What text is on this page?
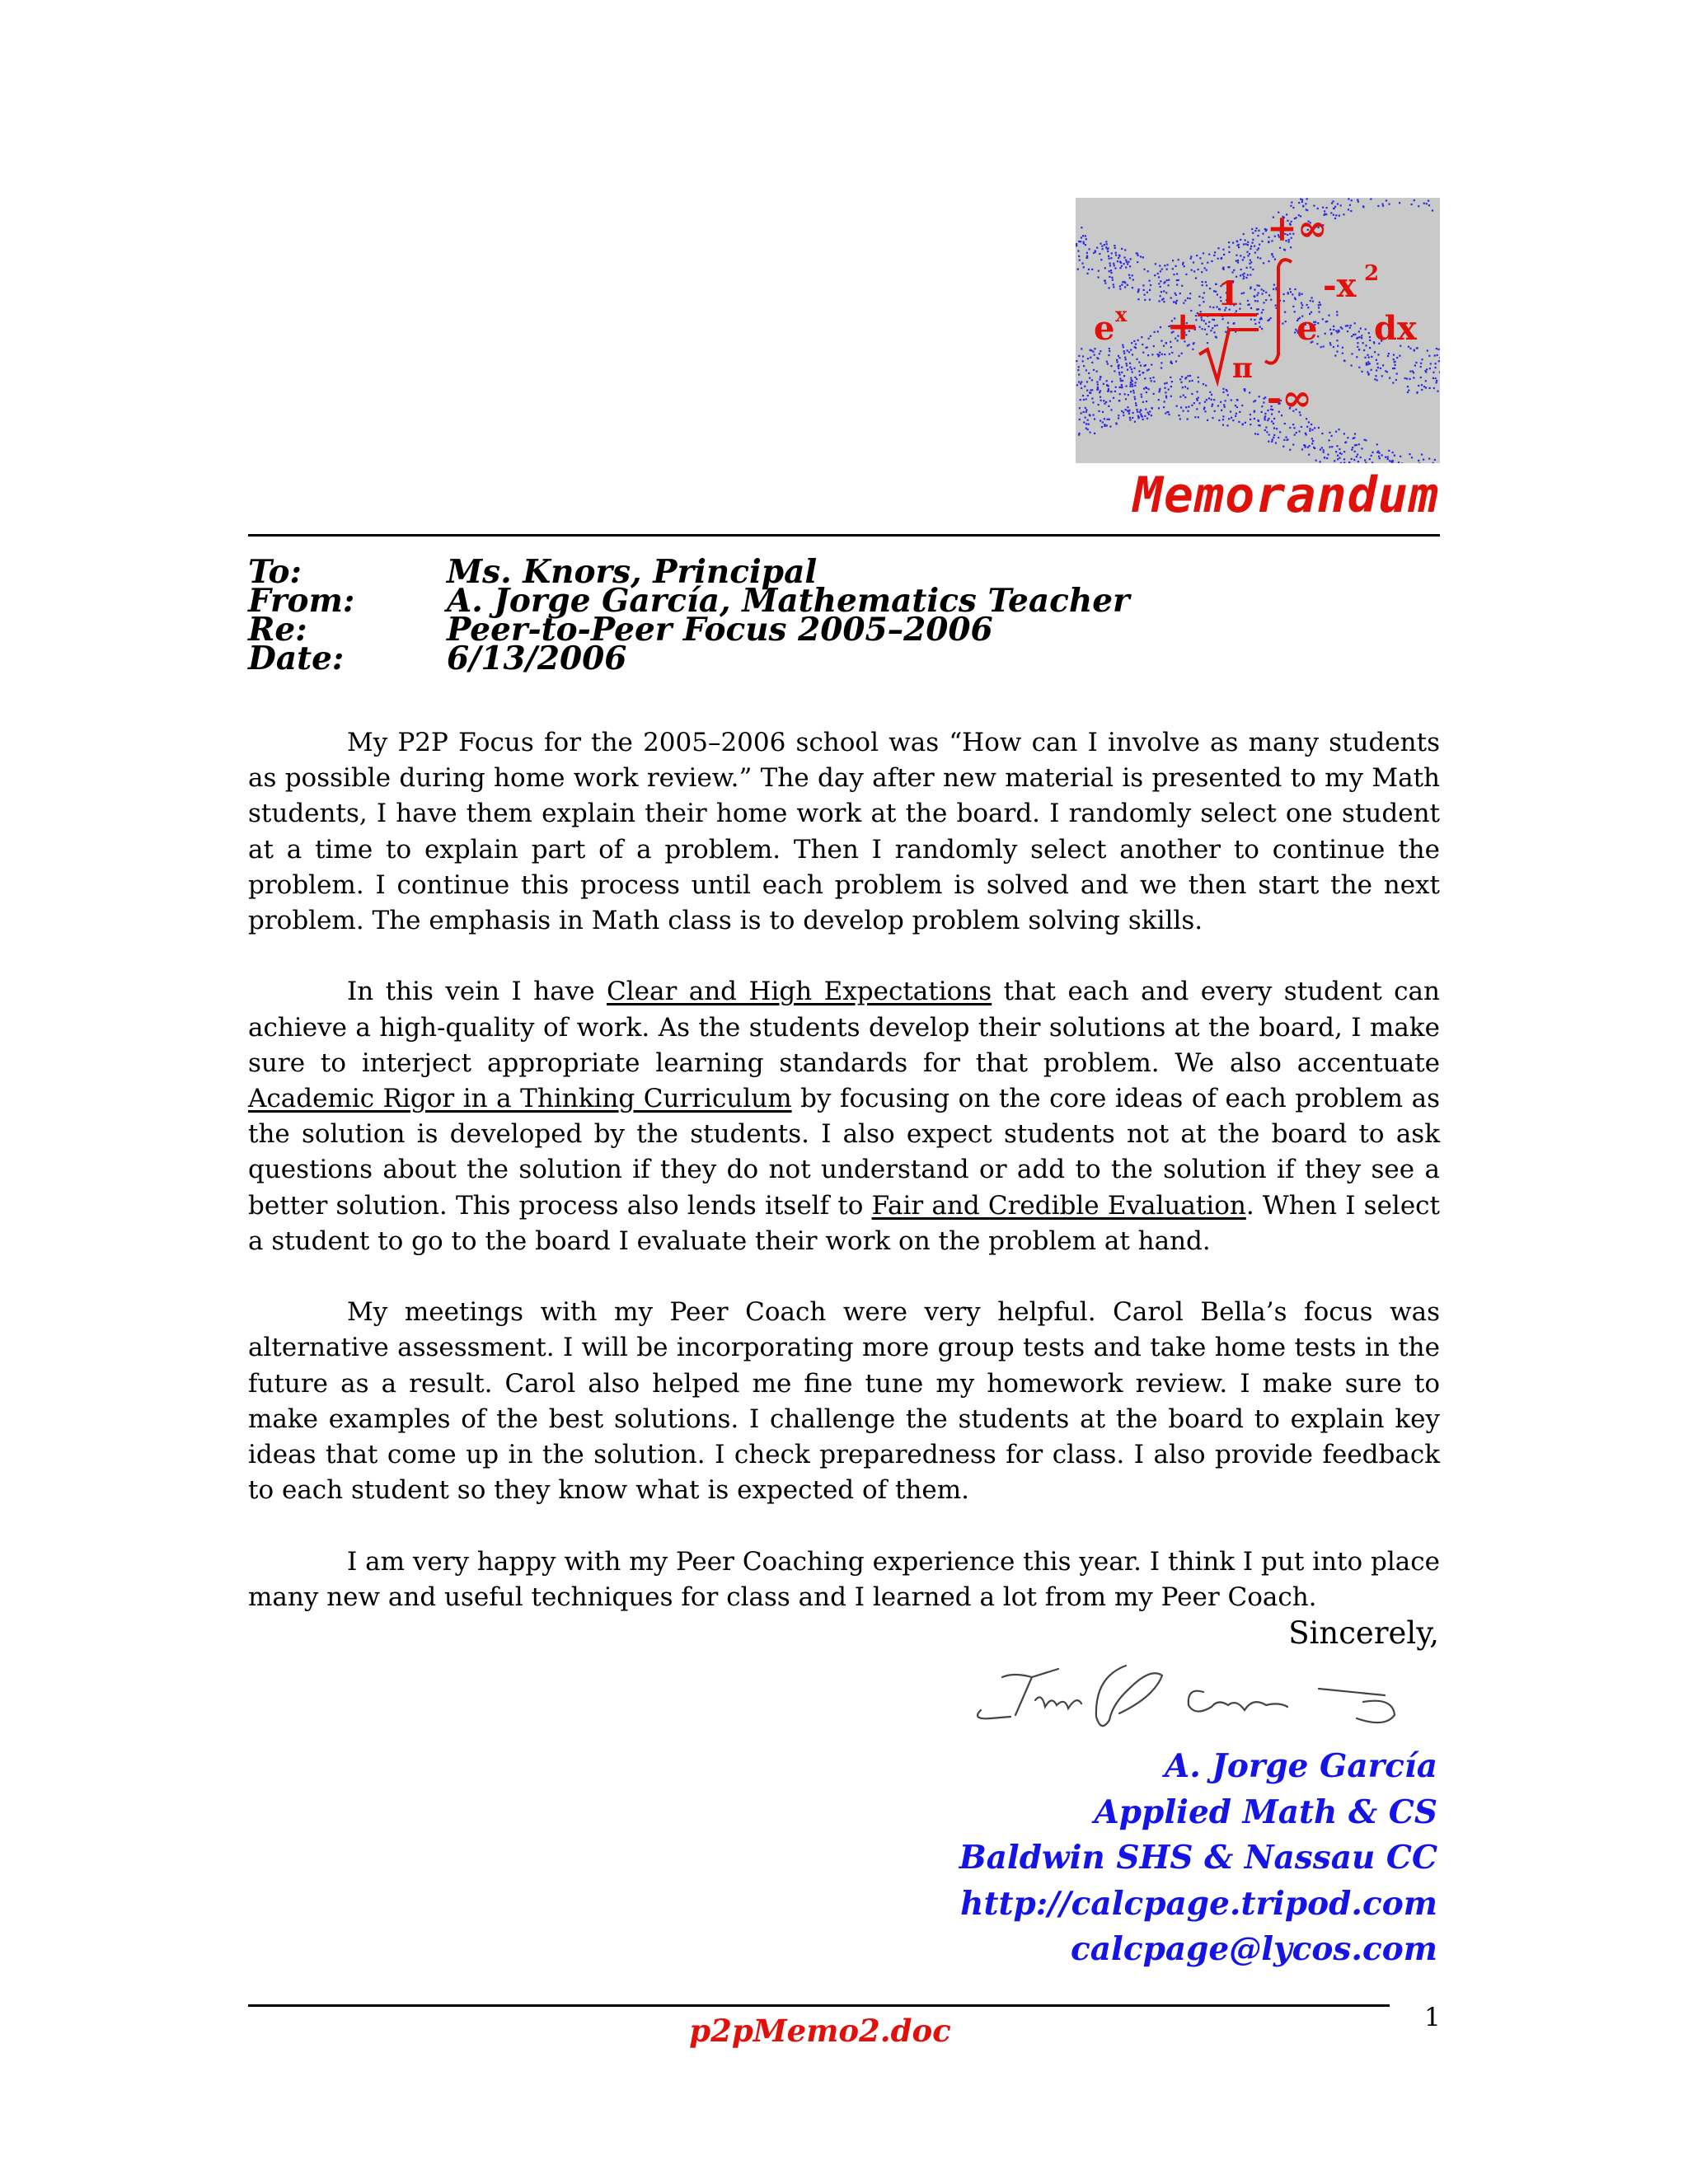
+∞
1	-x 2
e dx
-∞
e x +
π
Memorandum
To:	Ms. Knors, Principal
From:	A. Jorge García, Mathematics Teacher
Re:	Peer-to-Peer Focus 2005–2006
Date:	6/13/2006

My P2P Focus for the 2005–2006 school was “How can I involve as many students as possible during home work review.” The day after new material is presented to my Math students, I have them explain their home work at the board. I randomly select one student at a time to explain part of a problem. Then I randomly select another to continue the problem. I continue this process until each problem is solved and we then start the next problem. The emphasis in Math class is to develop problem solving skills.

In this vein I have Clear and High Expectations that each and every student can achieve a high-quality of work. As the students develop their solutions at the board, I make sure to interject appropriate learning standards for that problem. We also accentuate Academic Rigor in a Thinking Curriculum by focusing on the core ideas of each problem as the solution is developed by the students. I also expect students not at the board to ask questions about the solution if they do not understand or add to the solution if they see a better solution. This process also lends itself to Fair and Credible Evaluation. When I select a student to go to the board I evaluate their work on the problem at hand.

My meetings with my Peer Coach were very helpful. Carol Bella’s focus was alternative assessment. I will be incorporating more group tests and take home tests in the future as a result. Carol also helped me fine tune my homework review. I make sure to make examples of the best solutions. I challenge the students at the board to explain key ideas that come up in the solution. I check preparedness for class. I also provide feedback to each student so they know what is expected of them.

I am very happy with my Peer Coaching experience this year. I think I put into place many new and useful techniques for class and I learned a lot from my Peer Coach.

Sincerely,
A. Jorge García
Applied Math & CS
Baldwin SHS & Nassau CC
http://calcpage.tripod.com
calcpage@lycos.com
p2pMemo2.doc	1
